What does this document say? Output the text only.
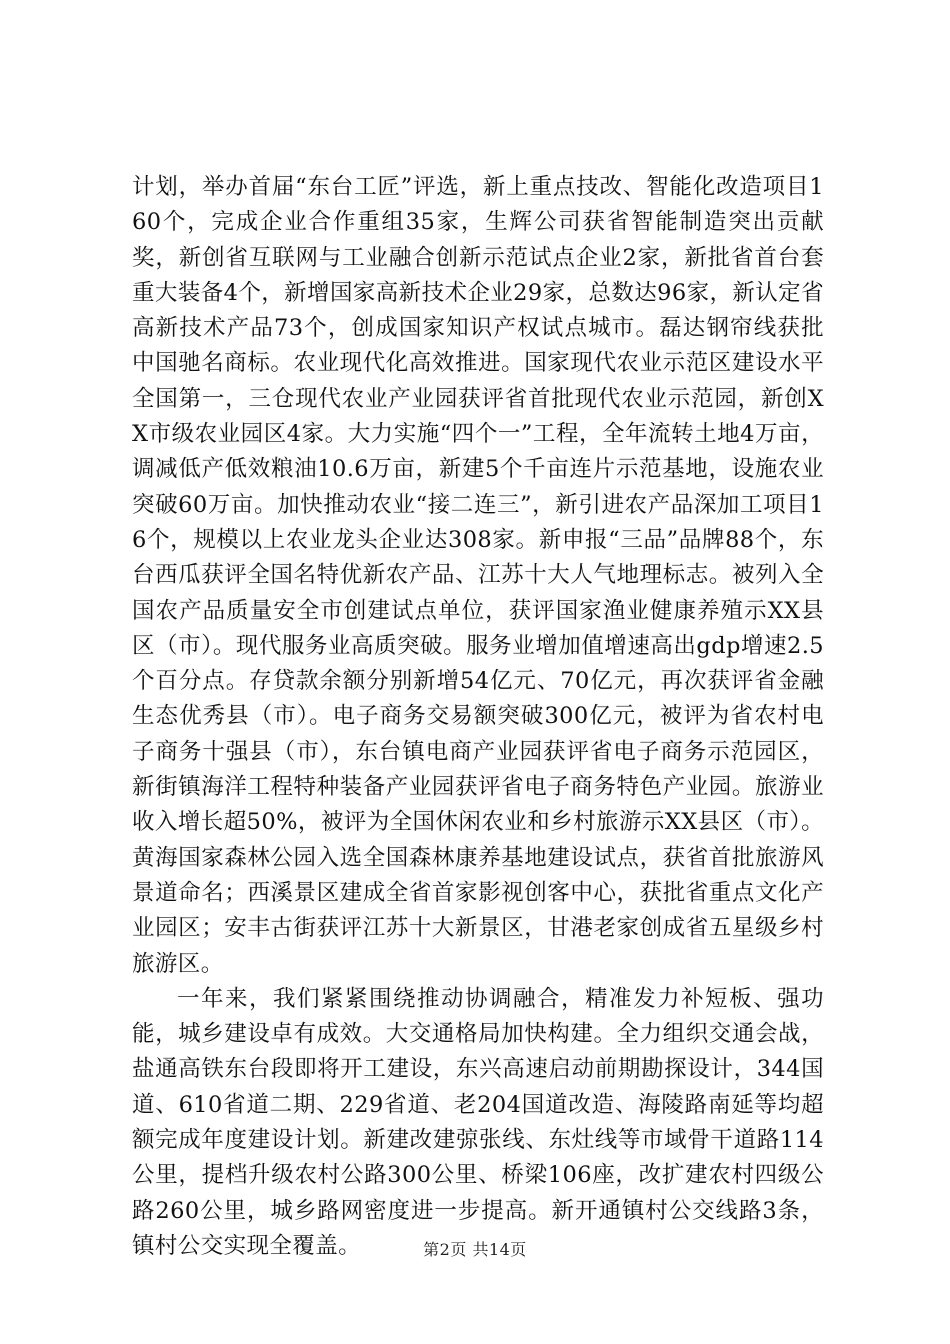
计划，举办首届“东台工匠”评选，新上重点技改、智能化改造项目160个，完成企业合作重组35家，生辉公司获省智能制造突出贡献奖，新创省互联网与工业融合创新示范试点企业2家，新批省首台套重大装备4个，新增国家高新技术企业29家，总数达96家，新认定省高新技术产品73个，创成国家知识产权试点城市。磊达钢帘线获批中国驰名商标。农业现代化高效推进。国家现代农业示范区建设水平全国第一，三仓现代农业产业园获评省首批现代农业示范园，新创XX市级农业园区4家。大力实施“四个一”工程，全年流转土地4万亩，调减低产低效粮油10.6万亩，新建5个千亩连片示范基地，设施农业突破60万亩。加快推动农业“接二连三”，新引进农产品深加工项目16个，规模以上农业龙头企业达308家。新申报“三品”品牌88个，东台西瓜获评全国名特优新农产品、江苏十大人气地理标志。被列入全国农产品质量安全市创建试点单位，获评国家渔业健康养殖示XX县区（市）。现代服务业高质突破。服务业增加值增速高出gdp增速2.5个百分点。存贷款余额分别新增54亿元、70亿元，再次获评省金融生态优秀县（市）。电子商务交易额突破300亿元，被评为省农村电子商务十强县（市），东台镇电商产业园获评省电子商务示范园区，新街镇海洋工程特种装备产业园获评省电子商务特色产业园。旅游业收入增长超50%，被评为全国休闲农业和乡村旅游示XX县区（市）。黄海国家森林公园入选全国森林康养基地建设试点，获省首批旅游风景道命名；西溪景区建成全省首家影视创客中心，获批省重点文化产业园区；安丰古街获评江苏十大新景区，甘港老家创成省五星级乡村旅游区。

一年来，我们紧紧围绕推动协调融合，精准发力补短板、强功能，城乡建设卓有成效。大交通格局加快构建。全力组织交通会战，盐通高铁东台段即将开工建设，东兴高速启动前期勘探设计，344国道、610省道二期、229省道、老204国道改造、海陵路南延等均超额完成年度建设计划。新建改建弶张线、东灶线等市域骨干道路114公里，提档升级农村公路300公里、桥梁106座，改扩建农村四级公路260公里，城乡路网密度进一步提高。新开通镇村公交线路3条，镇村公交实现全覆盖。	第2页 共14页
